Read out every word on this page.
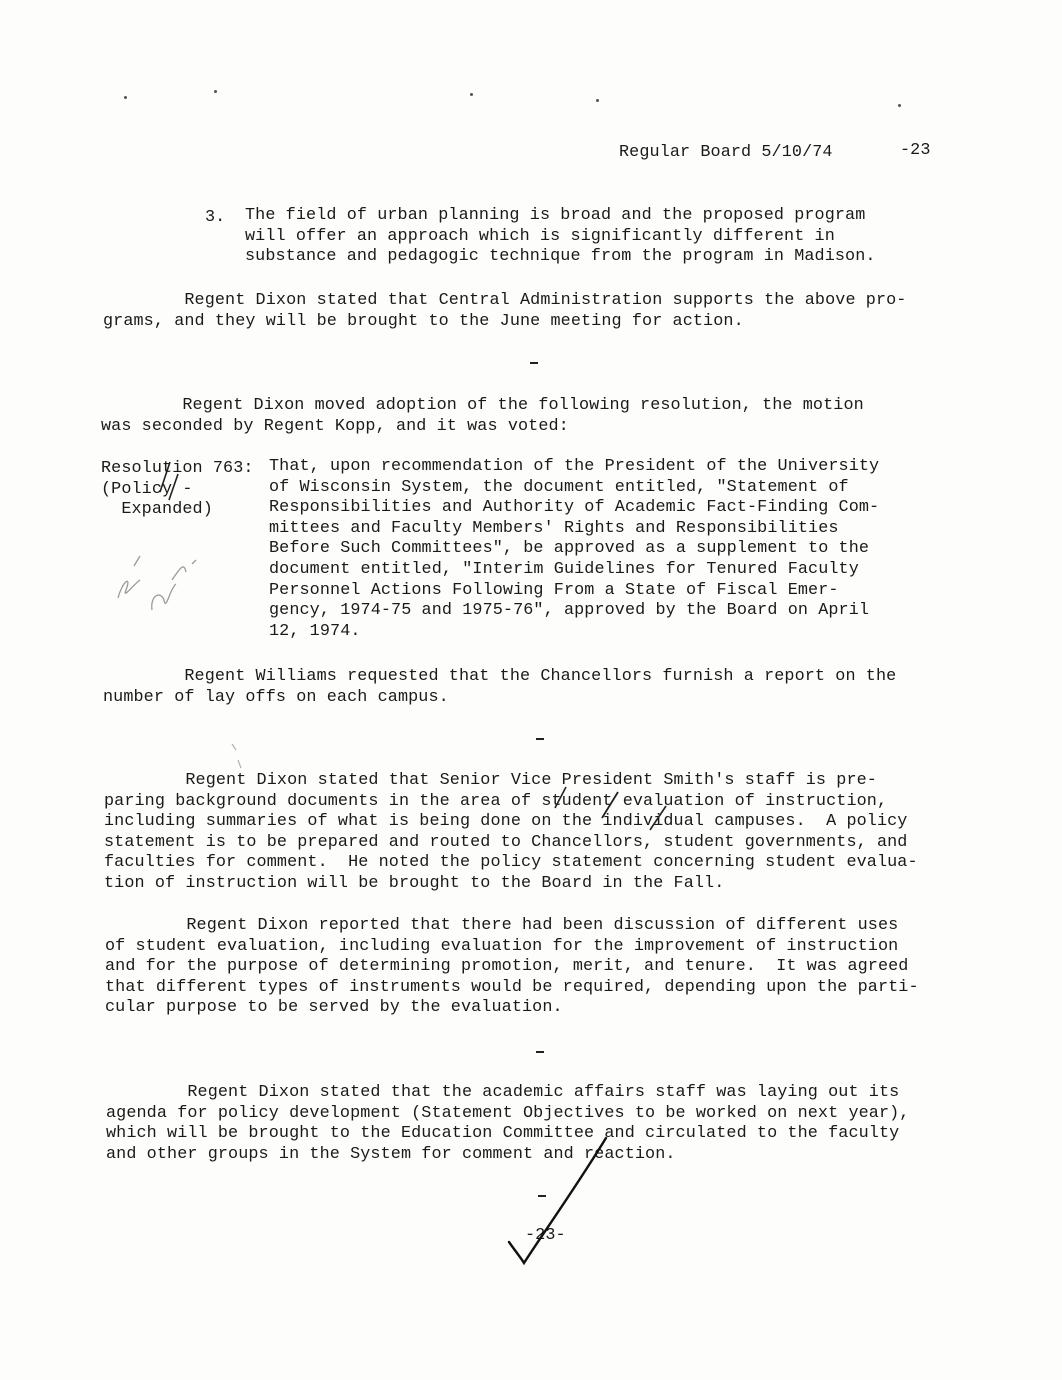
Regular Board 5/10/74	-23
3. The field of urban planning is broad and the proposed program
will offer an approach which is significantly different in
substance and pedagogic technique from the program in Madison.
Regent Dixon stated that Central Administration supports the above pro-
grams, and they will be brought to the June meeting for action.
Regent Dixon moved adoption of the following resolution, the motion
was seconded by Regent Kopp, and it was voted:
Resolution 763:
(Policy -
Expanded)
That, upon recommendation of the President of the University
of Wisconsin System, the document entitled, "Statement of
Responsibilities and Authority of Academic Fact-Finding Com-
mittees and Faculty Members' Rights and Responsibilities
Before Such Committees", be approved as a supplement to the
document entitled, "Interim Guidelines for Tenured Faculty
Personnel Actions Following From a State of Fiscal Emer-
gency, 1974-75 and 1975-76", approved by the Board on April
12, 1974.
Regent Williams requested that the Chancellors furnish a report on the
number of lay offs on each campus.
Regent Dixon stated that Senior Vice President Smith's staff is pre-
paring background documents in the area of student evaluation of instruction,
including summaries of what is being done on the individual campuses.  A policy
statement is to be prepared and routed to Chancellors, student governments, and
faculties for comment.  He noted the policy statement concerning student evalua-
tion of instruction will be brought to the Board in the Fall.
Regent Dixon reported that there had been discussion of different uses
of student evaluation, including evaluation for the improvement of instruction
and for the purpose of determining promotion, merit, and tenure.  It was agreed
that different types of instruments would be required, depending upon the parti-
cular purpose to be served by the evaluation.
Regent Dixon stated that the academic affairs staff was laying out its
agenda for policy development (Statement Objectives to be worked on next year),
which will be brought to the Education Committee and circulated to the faculty
and other groups in the System for comment and reaction.
-23-
